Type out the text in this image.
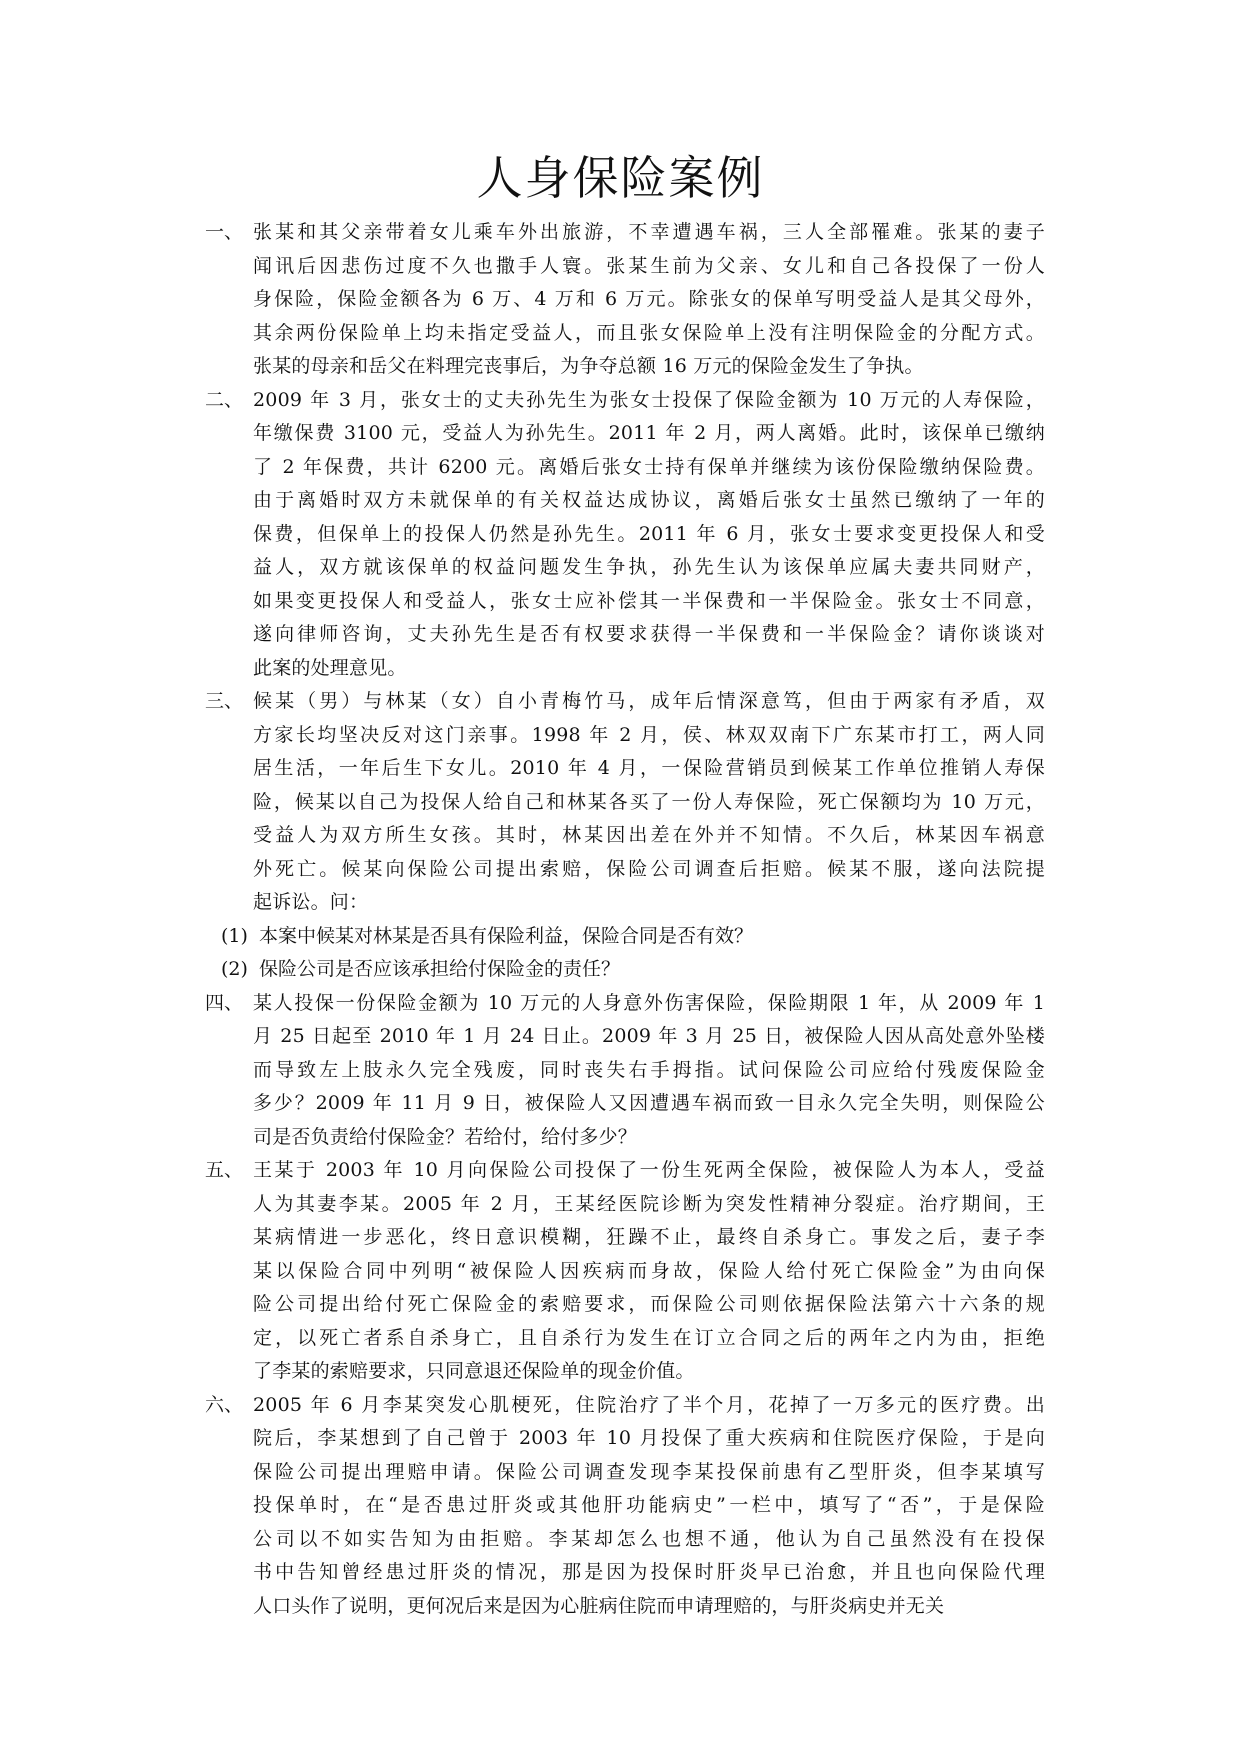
人身保险案例
一、 张某和其父亲带着女儿乘车外出旅游，不幸遭遇车祸，三人全部罹难。张某的妻子
闻讯后因悲伤过度不久也撒手人寰。张某生前为父亲、女儿和自己各投保了一份人
身保险，保险金额各为 6 万、4 万和 6 万元。除张女的保单写明受益人是其父母外，
其余两份保险单上均未指定受益人，而且张女保险单上没有注明保险金的分配方式。
张某的母亲和岳父在料理完丧事后，为争夺总额 16 万元的保险金发生了争执。
二、 2009 年 3 月，张女士的丈夫孙先生为张女士投保了保险金额为 10 万元的人寿保险，
年缴保费 3100 元，受益人为孙先生。2011 年 2 月，两人离婚。此时，该保单已缴纳
了 2 年保费，共计 6200 元。离婚后张女士持有保单并继续为该份保险缴纳保险费。
由于离婚时双方未就保单的有关权益达成协议，离婚后张女士虽然已缴纳了一年的
保费，但保单上的投保人仍然是孙先生。2011 年 6 月，张女士要求变更投保人和受
益人，双方就该保单的权益问题发生争执，孙先生认为该保单应属夫妻共同财产，
如果变更投保人和受益人，张女士应补偿其一半保费和一半保险金。张女士不同意，
遂向律师咨询，丈夫孙先生是否有权要求获得一半保费和一半保险金？请你谈谈对
此案的处理意见。
三、 候某（男）与林某（女）自小青梅竹马，成年后情深意笃，但由于两家有矛盾，双
方家长均坚决反对这门亲事。1998 年 2 月，侯、林双双南下广东某市打工，两人同
居生活，一年后生下女儿。2010 年 4 月，一保险营销员到候某工作单位推销人寿保
险，候某以自己为投保人给自己和林某各买了一份人寿保险，死亡保额均为 10 万元，
受益人为双方所生女孩。其时，林某因出差在外并不知情。不久后，林某因车祸意
外死亡。候某向保险公司提出索赔，保险公司调查后拒赔。候某不服，遂向法院提
起诉讼。问：
(1) 本案中候某对林某是否具有保险利益，保险合同是否有效？
(2) 保险公司是否应该承担给付保险金的责任？
四、 某人投保一份保险金额为 10 万元的人身意外伤害保险，保险期限 1 年，从 2009 年 1
月 25 日起至 2010 年 1 月 24 日止。2009 年 3 月 25 日，被保险人因从高处意外坠楼
而导致左上肢永久完全残废，同时丧失右手拇指。试问保险公司应给付残废保险金
多少？2009 年 11 月 9 日，被保险人又因遭遇车祸而致一目永久完全失明，则保险公
司是否负责给付保险金？若给付，给付多少？
五、 王某于 2003 年 10 月向保险公司投保了一份生死两全保险，被保险人为本人，受益
人为其妻李某。2005 年 2 月，王某经医院诊断为突发性精神分裂症。治疗期间，王
某病情进一步恶化，终日意识模糊，狂躁不止，最终自杀身亡。事发之后，妻子李
某以保险合同中列明“被保险人因疾病而身故，保险人给付死亡保险金”为由向保
险公司提出给付死亡保险金的索赔要求，而保险公司则依据保险法第六十六条的规
定，以死亡者系自杀身亡，且自杀行为发生在订立合同之后的两年之内为由，拒绝
了李某的索赔要求，只同意退还保险单的现金价值。
六、 2005 年 6 月李某突发心肌梗死，住院治疗了半个月，花掉了一万多元的医疗费。出
院后，李某想到了自己曾于 2003 年 10 月投保了重大疾病和住院医疗保险，于是向
保险公司提出理赔申请。保险公司调查发现李某投保前患有乙型肝炎，但李某填写
投保单时，在“是否患过肝炎或其他肝功能病史”一栏中，填写了“否”，于是保险
公司以不如实告知为由拒赔。李某却怎么也想不通，他认为自己虽然没有在投保
书中告知曾经患过肝炎的情况，那是因为投保时肝炎早已治愈，并且也向保险代理
人口头作了说明，更何况后来是因为心脏病住院而申请理赔的，与肝炎病史并无关
